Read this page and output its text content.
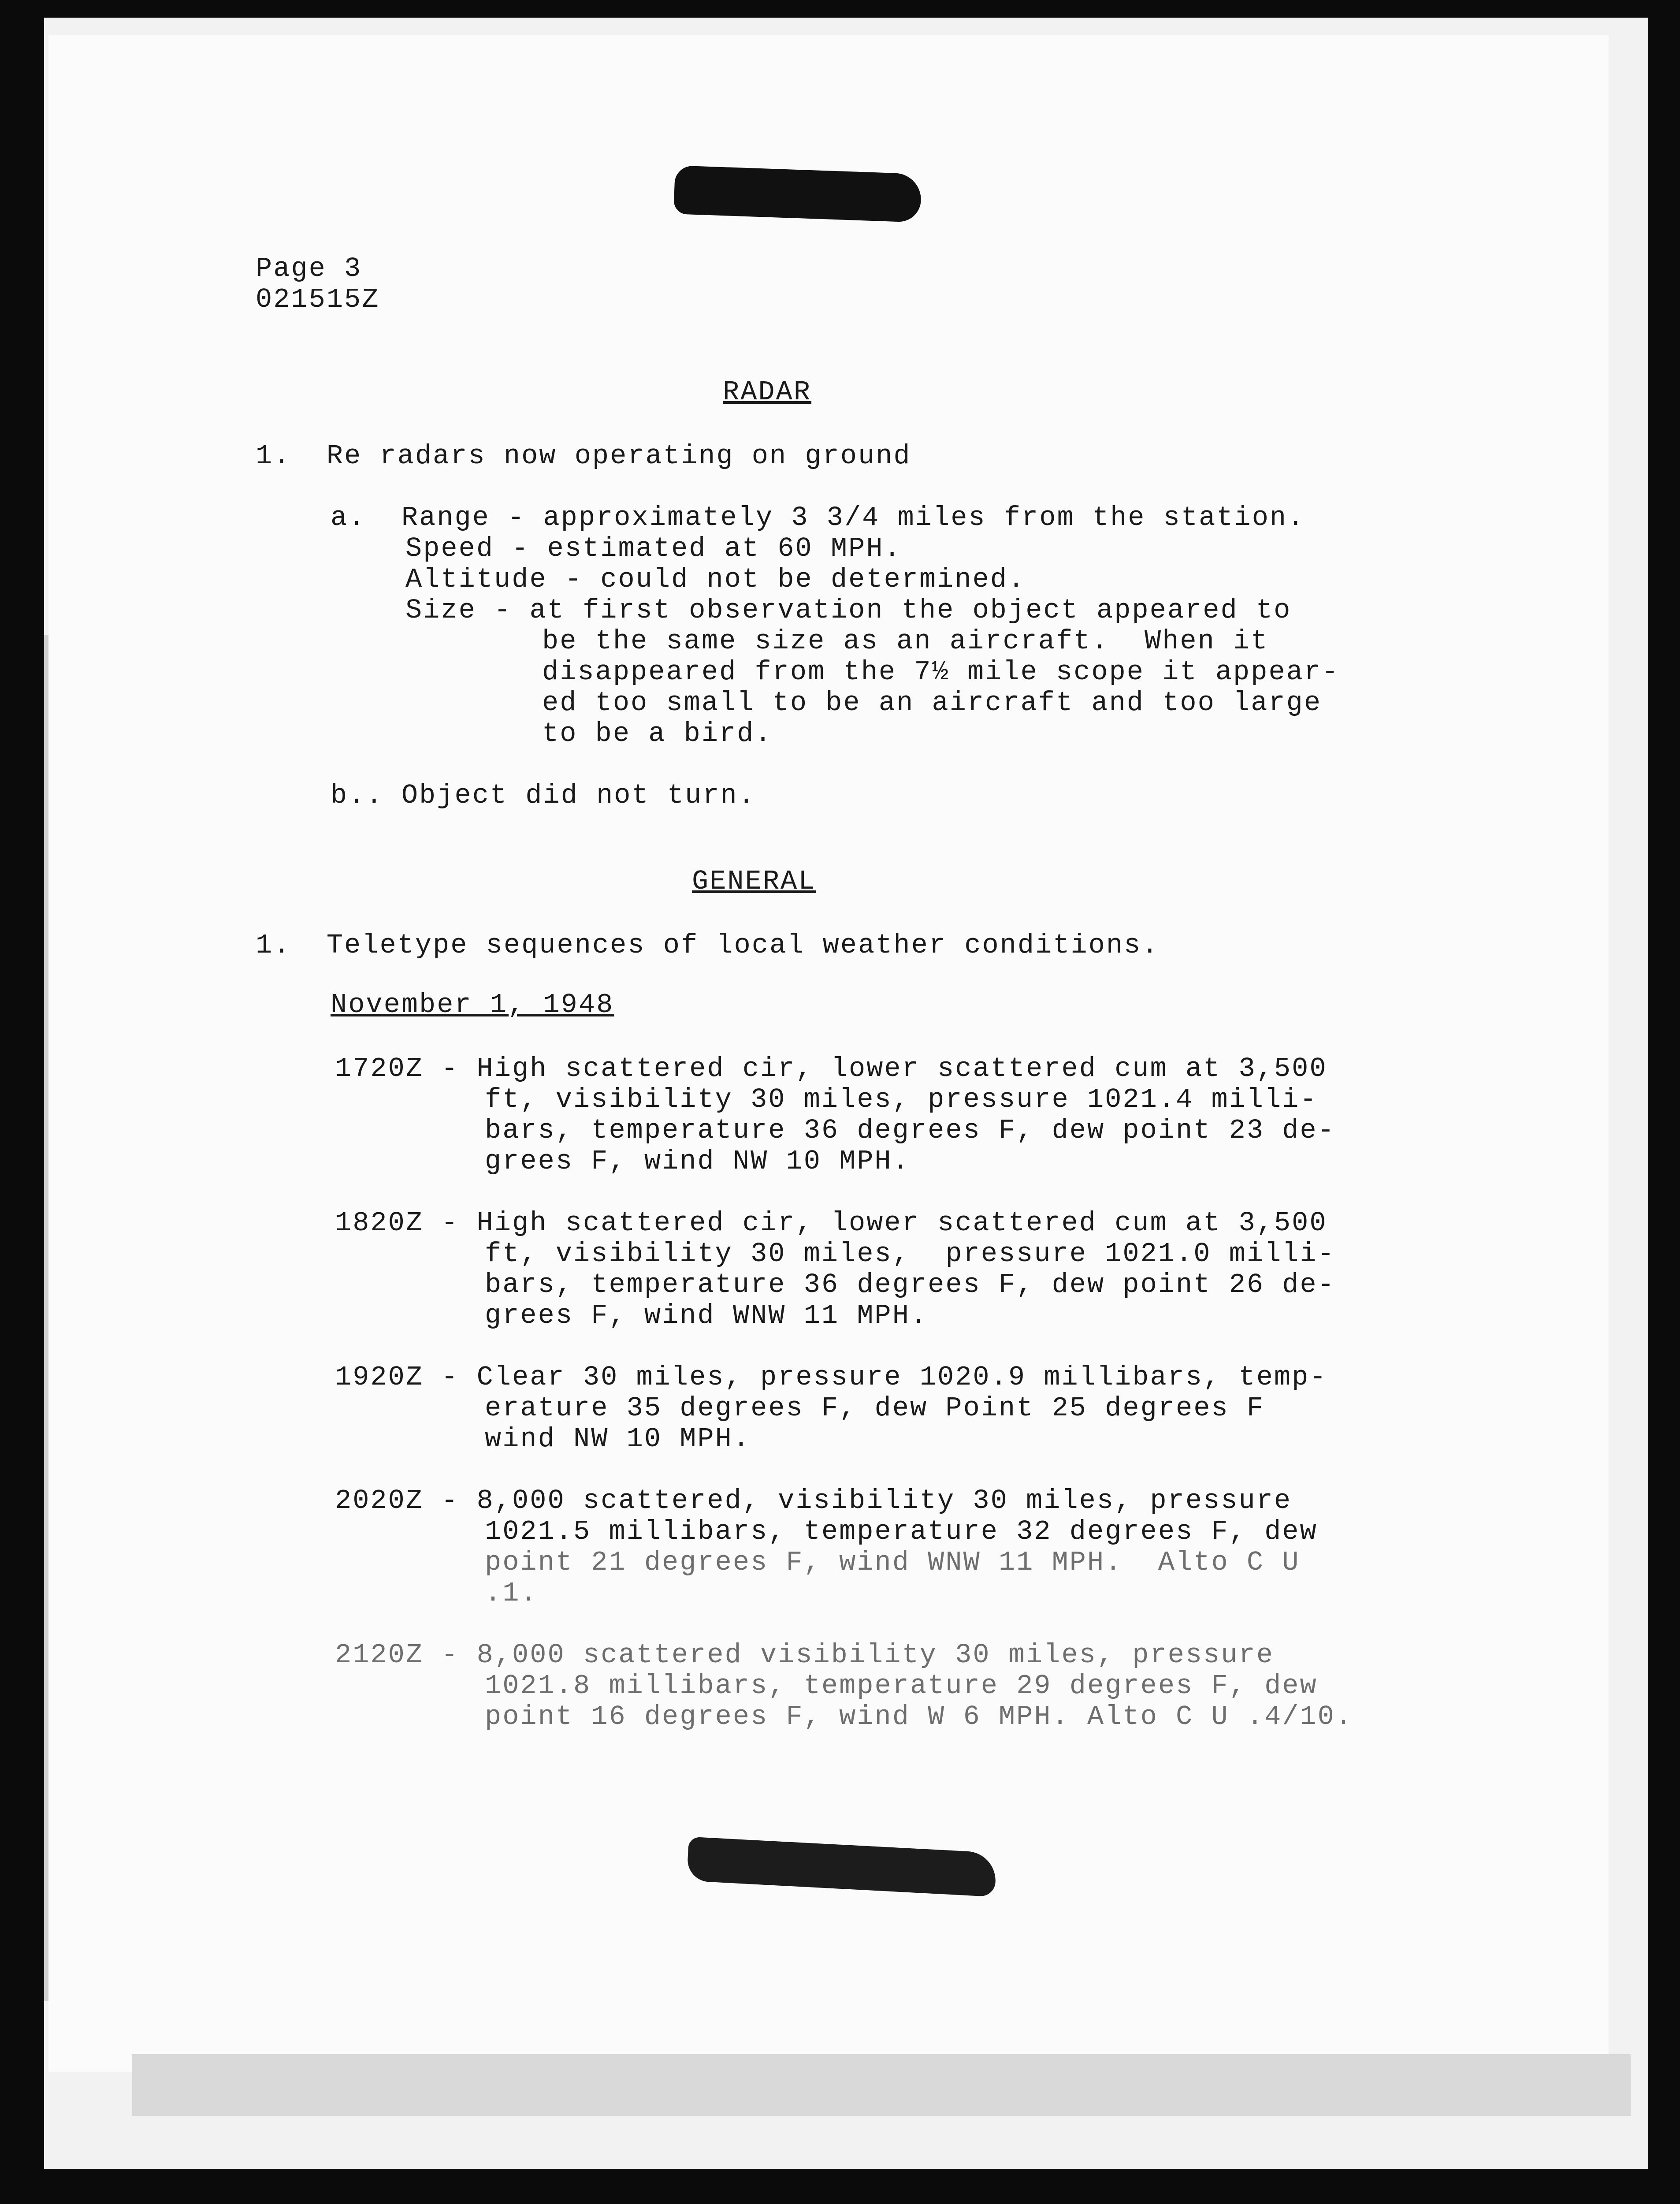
Page 3
021515Z
RADAR
1.  Re radars now operating on ground
a.  Range - approximately 3 3/4 miles from the station.
Speed - estimated at 60 MPH.
Altitude - could not be determined.
Size - at first observation the object appeared to
be the same size as an aircraft.  When it
disappeared from the 7½ mile scope it appear-
ed too small to be an aircraft and too large
to be a bird.
b.. Object did not turn.
GENERAL
1.  Teletype sequences of local weather conditions.
November 1, 1948
1720Z - High scattered cir, lower scattered cum at 3,500
ft, visibility 30 miles, pressure 1021.4 milli-
bars, temperature 36 degrees F, dew point 23 de-
grees F, wind NW 10 MPH.
1820Z - High scattered cir, lower scattered cum at 3,500
ft, visibility 30 miles,  pressure 1021.0 milli-
bars, temperature 36 degrees F, dew point 26 de-
grees F, wind WNW 11 MPH.
1920Z - Clear 30 miles, pressure 1020.9 millibars, temp-
erature 35 degrees F, dew Point 25 degrees F
wind NW 10 MPH.
2020Z - 8,000 scattered, visibility 30 miles, pressure
1021.5 millibars, temperature 32 degrees F, dew
point 21 degrees F, wind WNW 11 MPH.  Alto C U
.1.
2120Z - 8,000 scattered visibility 30 miles, pressure
1021.8 millibars, temperature 29 degrees F, dew
point 16 degrees F, wind W 6 MPH. Alto C U .4/10.
